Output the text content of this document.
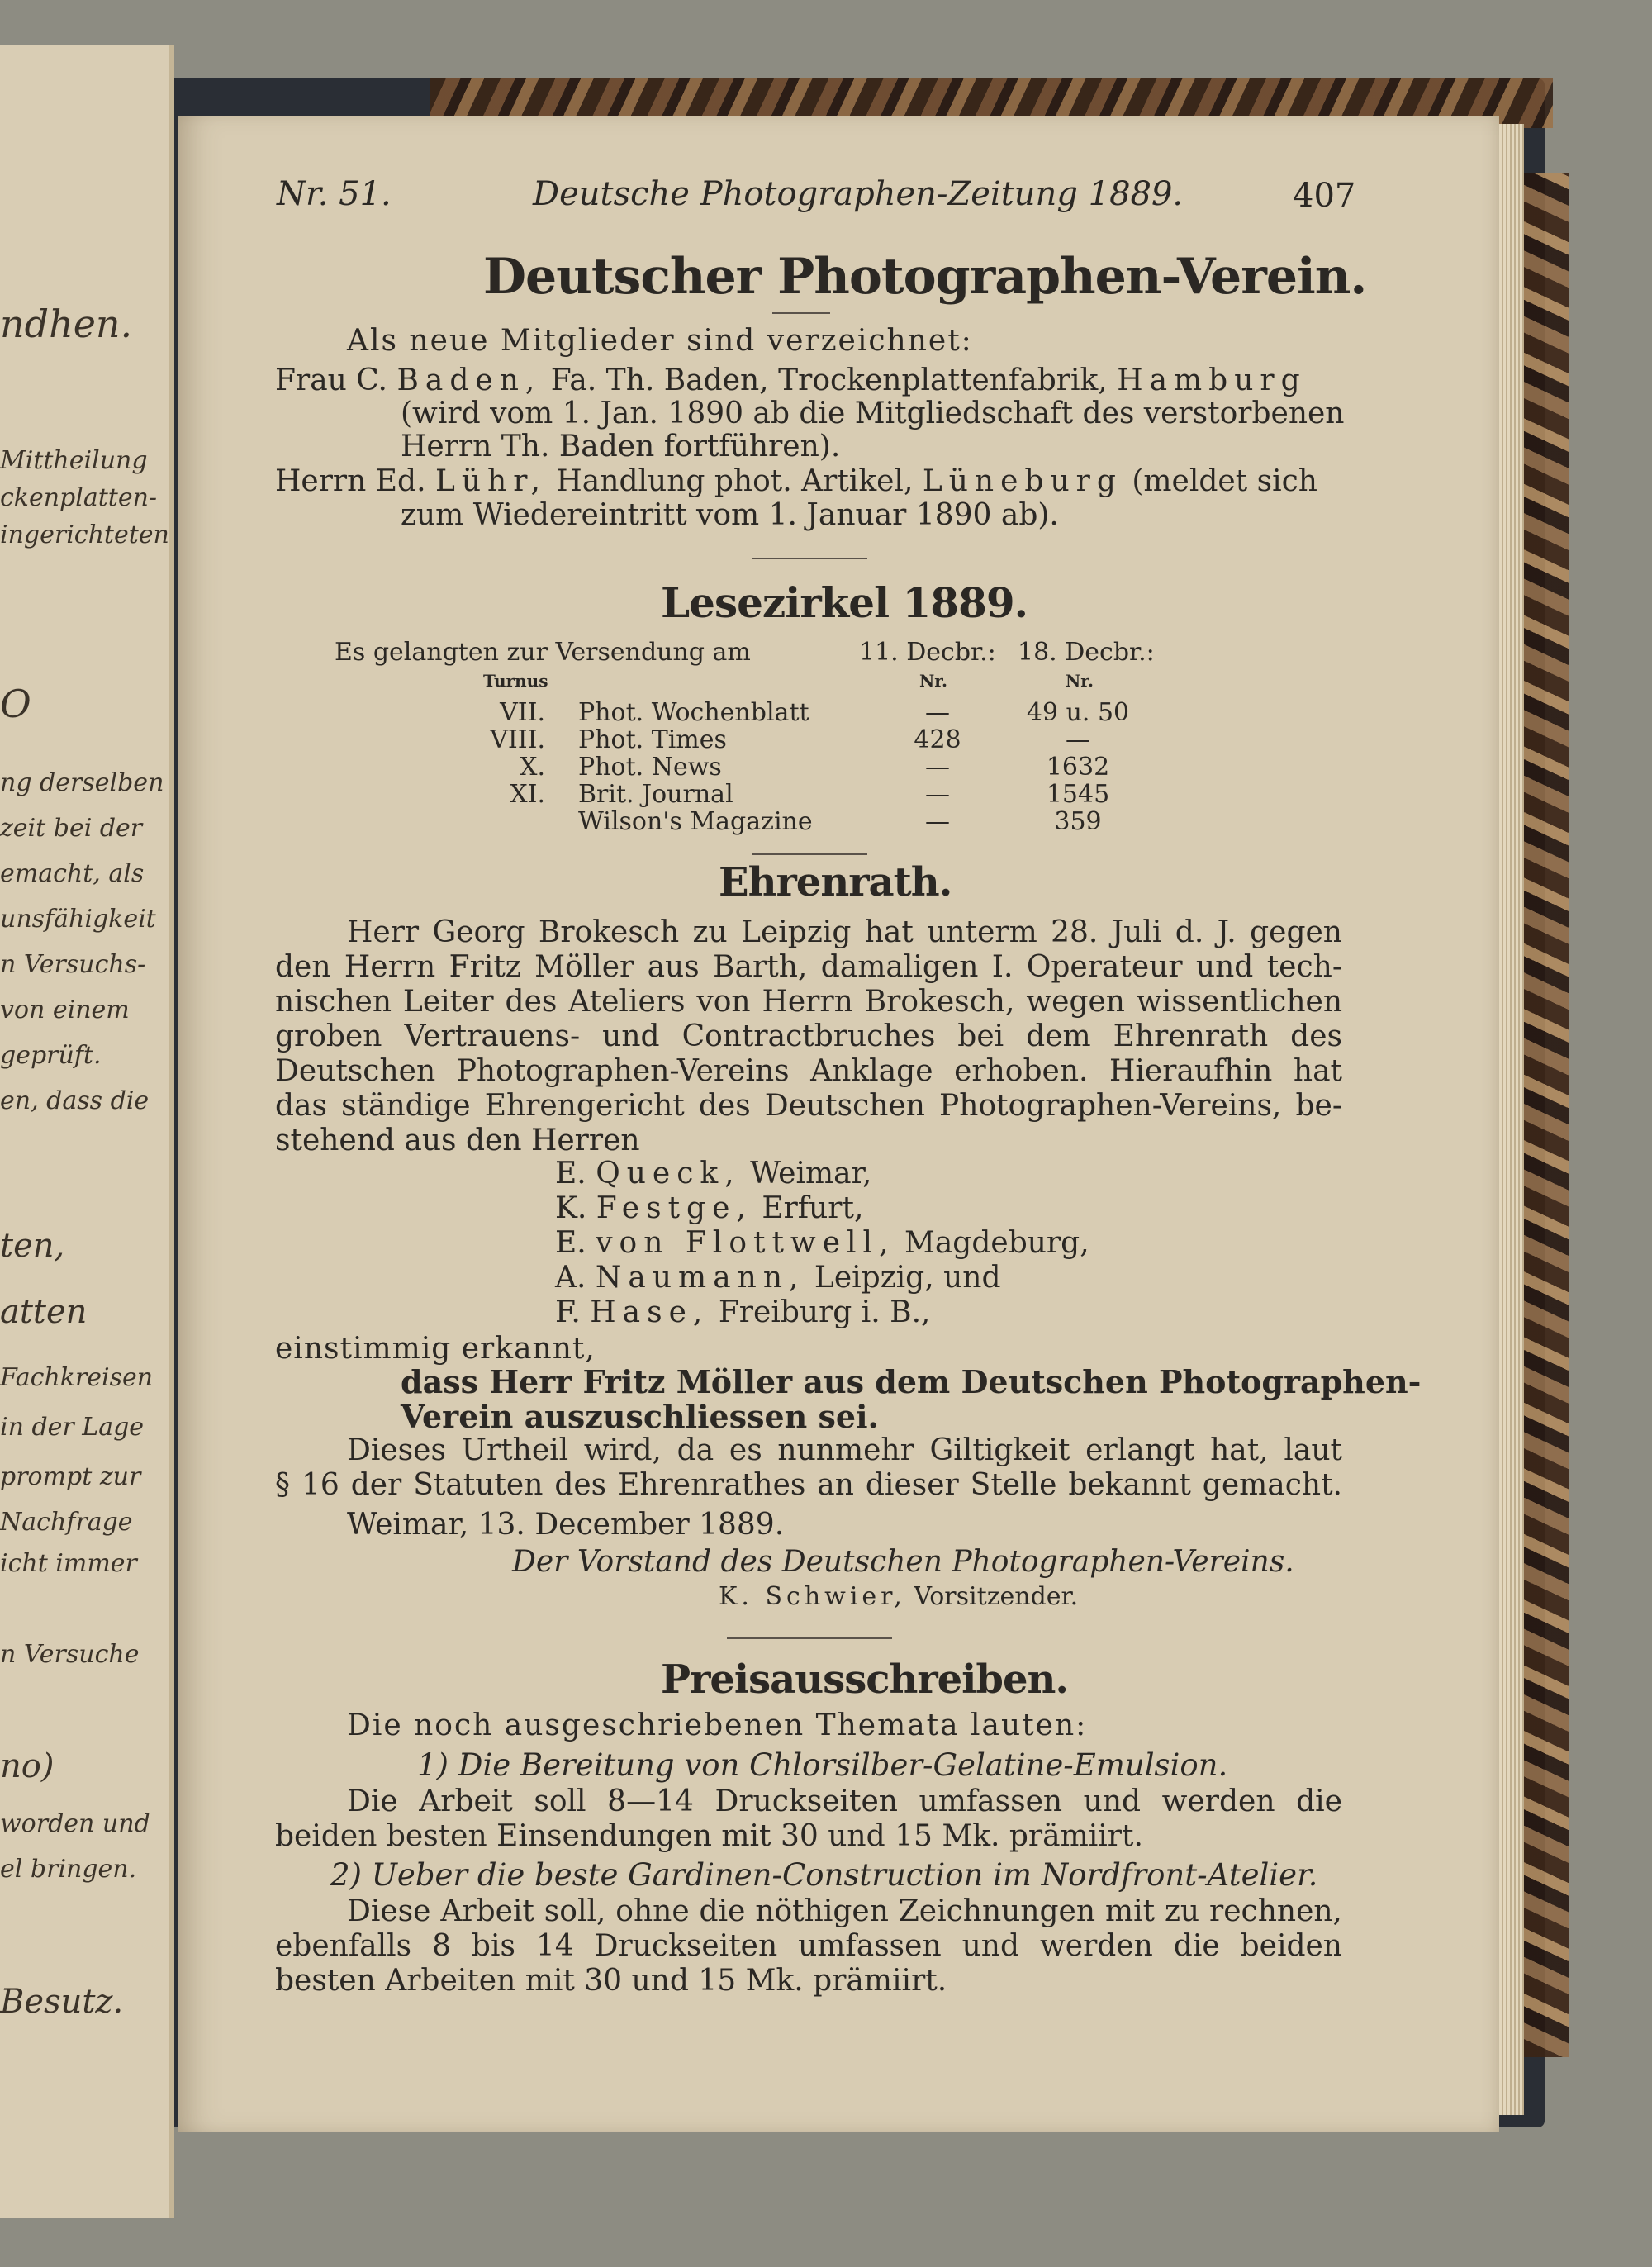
ndhen.
Mittheilung
ckenplatten-
ingerichteten
O
ng derselben
zeit bei der
emacht, als
unsfähigkeit
n Versuchs-
von einem
geprüft.
en, dass die
ten,
atten
Fachkreisen
in der Lage
prompt zur
Nachfrage
icht immer
n Versuche
no)
worden und
el bringen.
Besutz.
Nr. 51.	Deutsche Photographen-Zeitung 1889.	407
Deutscher Photographen-Verein.
Als neue Mitglieder sind verzeichnet:
Frau C. Baden, Fa. Th. Baden, Trockenplattenfabrik, Hamburg
(wird vom 1. Jan. 1890 ab die Mitgliedschaft des verstorbenen
Herrn Th. Baden fortführen).
Herrn Ed. Lühr, Handlung phot. Artikel, Lüneburg (meldet sich
zum Wiedereintritt vom 1. Januar 1890 ab).
Lesezirkel 1889.
Es gelangten zur Versendung am	11. Decbr.: 18. Decbr.:
Turnus	Nr.	Nr.
VII. Phot. Wochenblatt	—	49 u. 50
VIII. Phot. Times	428	—
X. Phot. News	—	1632
XI. Brit. Journal	—	1545
Wilson's Magazine	—	359
Ehrenrath.
Herr Georg Brokesch zu Leipzig hat unterm 28. Juli d. J. gegen
den Herrn Fritz Möller aus Barth, damaligen I. Operateur und tech-
nischen Leiter des Ateliers von Herrn Brokesch, wegen wissentlichen
groben Vertrauens- und Contractbruches bei dem Ehrenrath des
Deutschen Photographen-Vereins Anklage erhoben. Hieraufhin hat
das ständige Ehrengericht des Deutschen Photographen-Vereins, be-
stehend aus den Herren
E. Queck, Weimar,
K. Festge, Erfurt,
E. von Flottwell, Magdeburg,
A. Naumann, Leipzig, und
F. Hase, Freiburg i. B.,
einstimmig erkannt,
dass Herr Fritz Möller aus dem Deutschen Photographen-
Verein auszuschliessen sei.
Dieses Urtheil wird, da es nunmehr Giltigkeit erlangt hat, laut
§ 16 der Statuten des Ehrenrathes an dieser Stelle bekannt gemacht.
Weimar, 13. December 1889.
Der Vorstand des Deutschen Photographen-Vereins.
K. Schwier, Vorsitzender.
Preisausschreiben.
Die noch ausgeschriebenen Themata lauten:
1) Die Bereitung von Chlorsilber-Gelatine-Emulsion.
Die Arbeit soll 8—14 Druckseiten umfassen und werden die
beiden besten Einsendungen mit 30 und 15 Mk. prämiirt.
2) Ueber die beste Gardinen-Construction im Nordfront-Atelier.
Diese Arbeit soll, ohne die nöthigen Zeichnungen mit zu rechnen,
ebenfalls 8 bis 14 Druckseiten umfassen und werden die beiden
besten Arbeiten mit 30 und 15 Mk. prämiirt.
